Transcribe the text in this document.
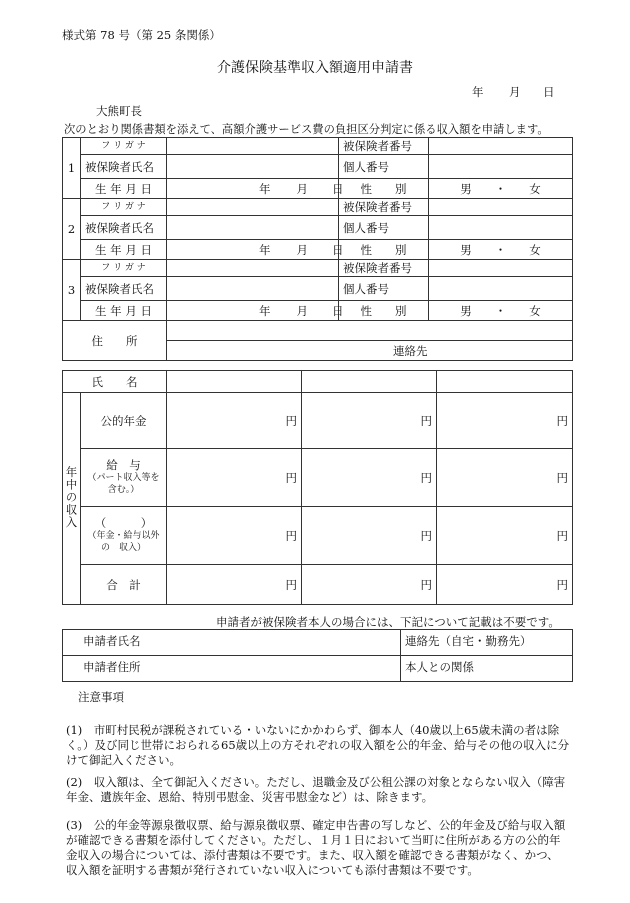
様式第 78 号（第 25 条関係）
介護保険基準収入額適用申請書
年 月 日
大熊町長
次のとおり関係書類を添えて、高額介護サービス費の負担区分判定に係る収入額を申請します。
1	フ リ ガ ナ		被保険者番号	

	被保険者氏名		個人番号	

	生 年 月 日	年 月 日	性　　別	男　　 ・　　 女
2	フ リ ガ ナ		被保険者番号	

	被保険者氏名		個人番号	

	生 年 月 日	年 月 日	性　　別	男　　 ・　　 女
3	フ リ ガ ナ		被保険者番号	

	被保険者氏名		個人番号	

	生 年 月 日	年 月 日	性　　別	男　　 ・　　 女
住　　所				
		連絡先		
氏　　名				
年中の収入	公的年金	円	円	円

	給　与
（パート収入等を
含む。）	円	円	円

	（　　　）
（年金・給与以外
の　収入）	円	円	円
	合　計	円	円	円
申請者が被保険者本人の場合には、下記について記載は不要です。
申請者氏名	連絡先（自宅・勤務先）
申請者住所	本人との関係
注意事項

(1)　市町村民税が課税されている・いないにかかわらず、御本人（40歳以上65歳未満の者は除く。）及び同じ世帯におられる65歳以上の方それぞれの収入額を公的年金、給与その他の収入に分けて御記入ください。

(2)　収入額は、全て御記入ください。ただし、退職金及び公租公課の対象とならない収入（障害年金、遺族年金、恩給、特別弔慰金、災害弔慰金など）は、除きます。

(3)　公的年金等源泉徴収票、給与源泉徴収票、確定申告書の写しなど、公的年金及び給与収入額が確認できる書類を添付してください。ただし、１月１日において当町に住所がある方の公的年金収入の場合については、添付書類は不要です。また、収入額を確認できる書類がなく、かつ、収入額を証明する書類が発行されていない収入についても添付書類は不要です。
